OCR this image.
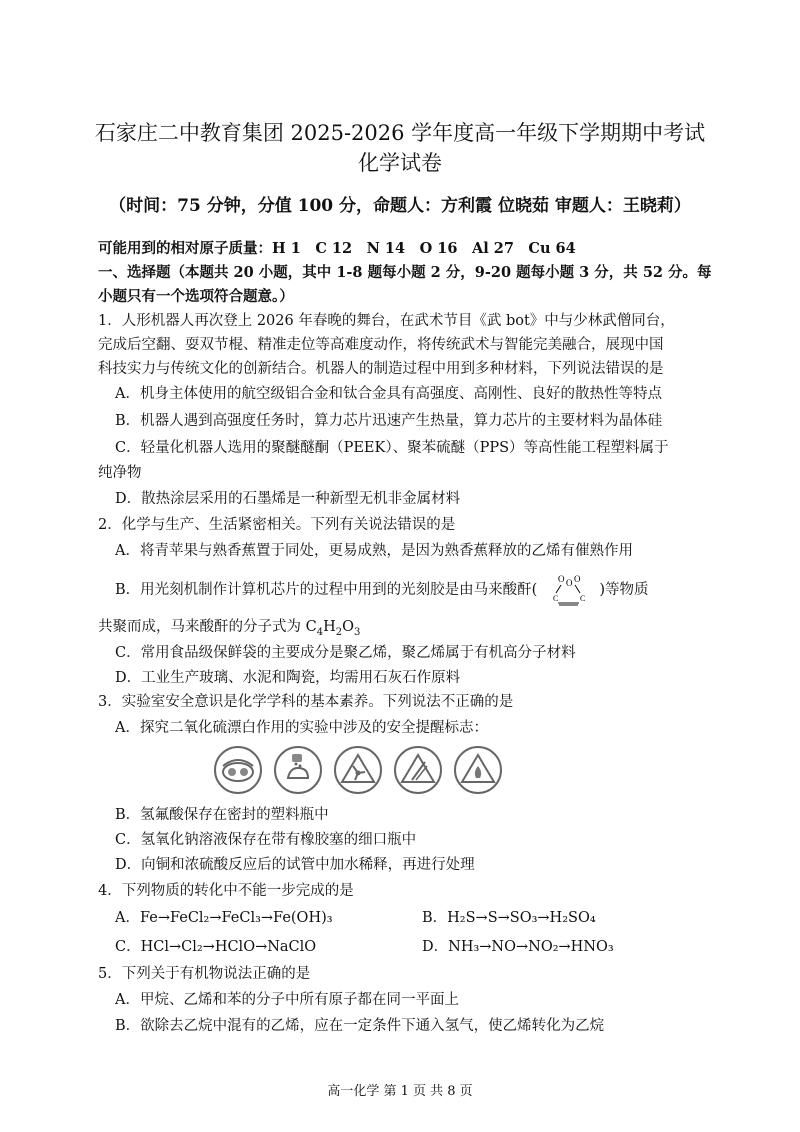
石家庄二中教育集团 2025-2026 学年度高一年级下学期期中考试
化学试卷
（时间：75 分钟，分值 100 分，命题人：方利霞 位晓茹 审题人：王晓莉）
可能用到的相对原子质量：H 1　C 12　N 14　O 16　Al 27　Cu 64
一、选择题（本题共 20 小题，其中 1-8 题每小题 2 分，9-20 题每小题 3 分，共 52 分。每
小题只有一个选项符合题意。）
1．人形机器人再次登上 2026 年春晚的舞台，在武术节目《武 bot》中与少林武僧同台，
完成后空翻、耍双节棍、精准走位等高难度动作，将传统武术与智能完美融合，展现中国
科技实力与传统文化的创新结合。机器人的制造过程中用到多种材料，下列说法错误的是
A．机身主体使用的航空级铝合金和钛合金具有高强度、高刚性、良好的散热性等特点
B．机器人遇到高强度任务时，算力芯片迅速产生热量，算力芯片的主要材料为晶体硅
C．轻量化机器人选用的聚醚醚酮（PEEK）、聚苯硫醚（PPS）等高性能工程塑料属于
纯净物
D．散热涂层采用的石墨烯是一种新型无机非金属材料
2．化学与生产、生活紧密相关。下列有关说法错误的是
A．将青苹果与熟香蕉置于同处，更易成熟，是因为熟香蕉释放的乙烯有催熟作用
B．用光刻机制作计算机芯片的过程中用到的光刻胶是由马来酸酐(
O O O
C	C
)等物质
共聚而成，马来酸酐的分子式为 $C_4H_2O_3$
C．常用食品级保鲜袋的主要成分是聚乙烯，聚乙烯属于有机高分子材料
D．工业生产玻璃、水泥和陶瓷，均需用石灰石作原料
3．实验室安全意识是化学学科的基本素养。下列说法不正确的是
A．探究二氧化硫漂白作用的实验中涉及的安全提醒标志：
B．氢氟酸保存在密封的塑料瓶中
C．氢氧化钠溶液保存在带有橡胶塞的细口瓶中
D．向铜和浓硫酸反应后的试管中加水稀释，再进行处理
4．下列物质的转化中不能一步完成的是
A．Fe→FeCl₂→FeCl₃→Fe(OH)₃	B．H₂S→S→SO₃→H₂SO₄
C．HCl→Cl₂→HClO→NaClO	D．NH₃→NO→NO₂→HNO₃
5．下列关于有机物说法正确的是
A．甲烷、乙烯和苯的分子中所有原子都在同一平面上
B．欲除去乙烷中混有的乙烯，应在一定条件下通入氢气，使乙烯转化为乙烷
高一化学 第 1 页 共 8 页
